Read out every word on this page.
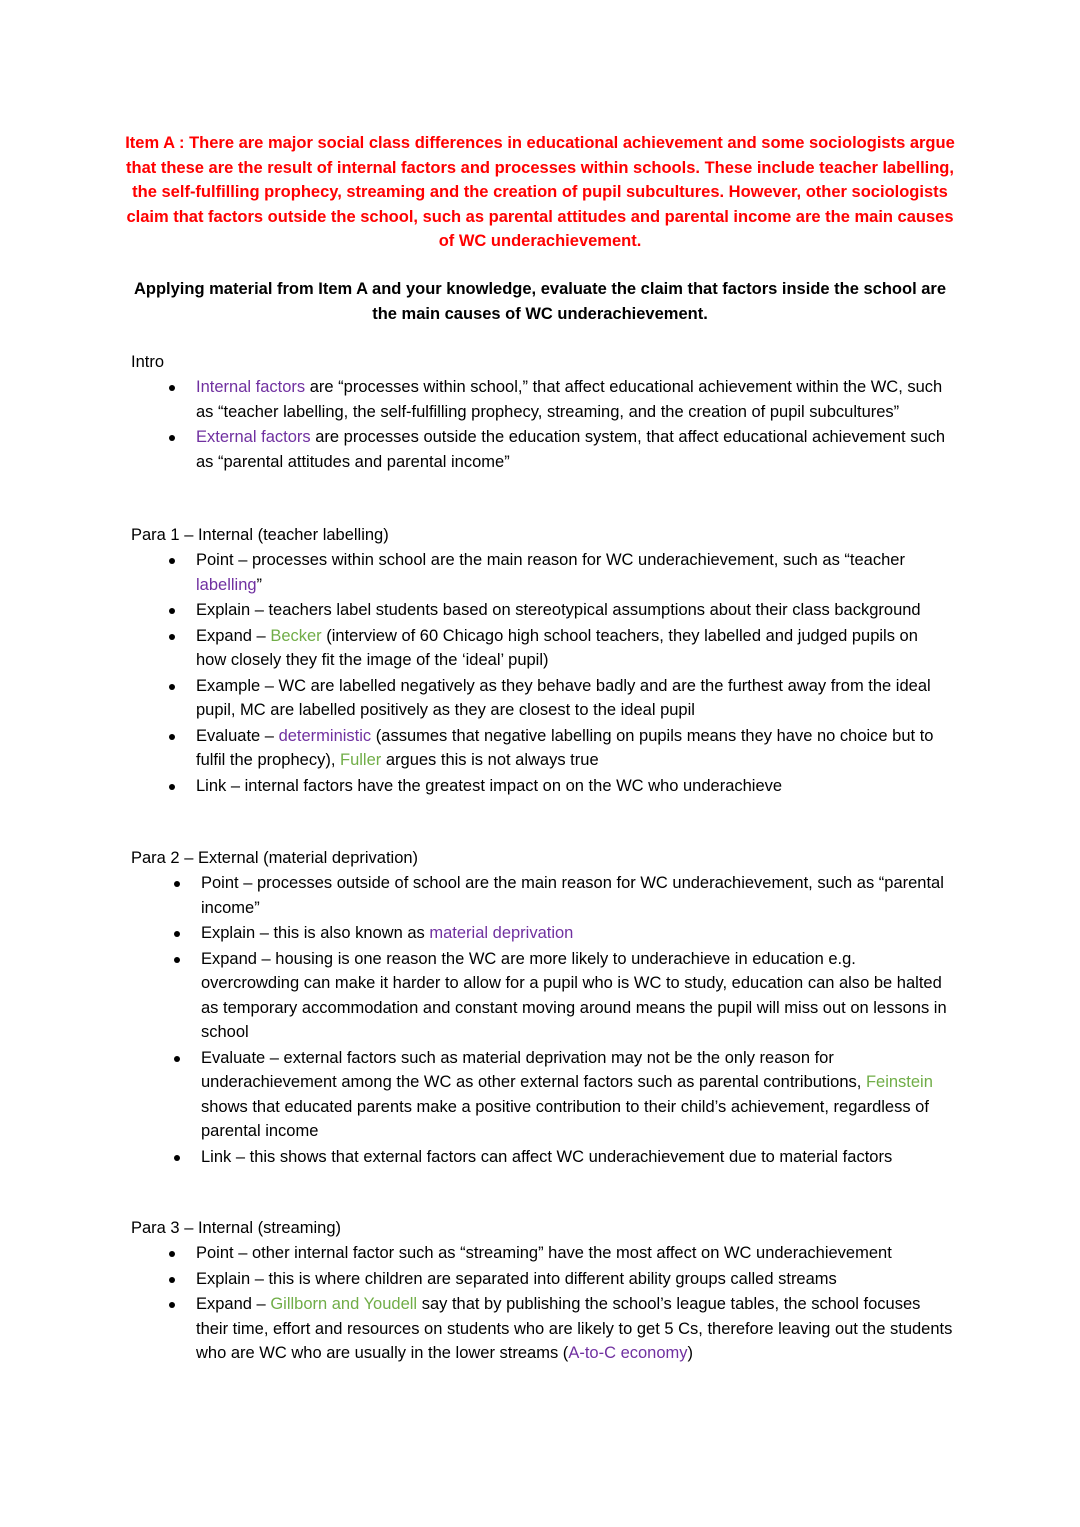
Item A : There are major social class differences in educational achievement and some sociologists argue that these are the result of internal factors and processes within schools. These include teacher labelling, the self-fulfilling prophecy, streaming and the creation of pupil subcultures. However, other sociologists claim that factors outside the school, such as parental attitudes and parental income are the main causes of WC underachievement.

Applying material from Item A and your knowledge, evaluate the claim that factors inside the school are the main causes of WC underachievement.

Intro

Internal factors are “processes within school,” that affect educational achievement within the WC, such as “teacher labelling, the self-fulfilling prophecy, streaming, and the creation of pupil subcultures”
External factors are processes outside the education system, that affect educational achievement such as “parental attitudes and parental income”

Para 1 – Internal (teacher labelling)

Point – processes within school are the main reason for WC underachievement, such as “teacher labelling”
Explain – teachers label students based on stereotypical assumptions about their class background
Expand – Becker (interview of 60 Chicago high school teachers, they labelled and judged pupils on how closely they fit the image of the ‘ideal’ pupil)
Example – WC are labelled negatively as they behave badly and are the furthest away from the ideal pupil, MC are labelled positively as they are closest to the ideal pupil
Evaluate – deterministic (assumes that negative labelling on pupils means they have no choice but to fulfil the prophecy), Fuller argues this is not always true
Link – internal factors have the greatest impact on on the WC who underachieve

Para 2 – External (material deprivation)

Point – processes outside of school are the main reason for WC underachievement, such as “parental income”
Explain – this is also known as material deprivation
Expand – housing is one reason the WC are more likely to underachieve in education e.g. overcrowding can make it harder to allow for a pupil who is WC to study, education can also be halted as temporary accommodation and constant moving around means the pupil will miss out on lessons in school
Evaluate – external factors such as material deprivation may not be the only reason for underachievement among the WC as other external factors such as parental contributions, Feinstein shows that educated parents make a positive contribution to their child’s achievement, regardless of parental income
Link – this shows that external factors can affect WC underachievement due to material factors

Para 3 – Internal (streaming)

Point – other internal factor such as “streaming” have the most affect on WC underachievement
Explain – this is where children are separated into different ability groups called streams
Expand – Gillborn and Youdell say that by publishing the school’s league tables, the school focuses their time, effort and resources on students who are likely to get 5 Cs, therefore leaving out the students who are WC who are usually in the lower streams (A-to-C economy)
